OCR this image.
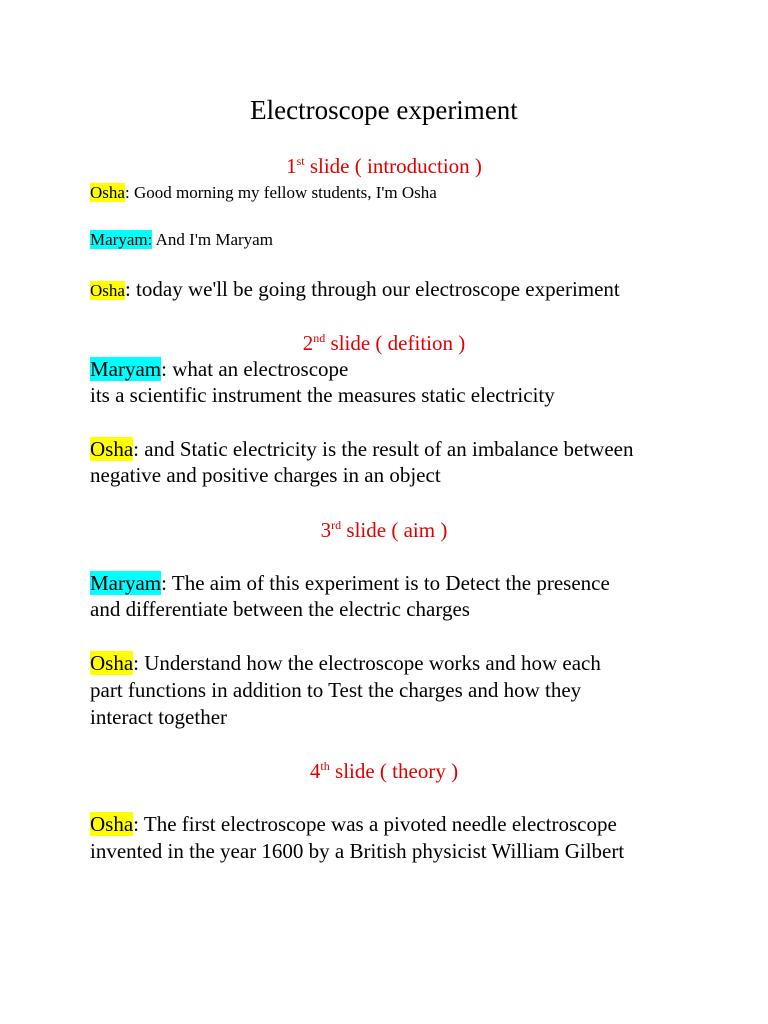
Electroscope experiment
1st slide ( introduction )
Osha: Good morning my fellow students, I'm Osha
Maryam: And I'm Maryam
Osha: today we'll be going through our electroscope experiment
2nd slide ( defition )
Maryam: what an electroscope
its a scientific instrument the measures static electricity
Osha: and Static electricity is the result of an imbalance between
negative and positive charges in an object
3rd slide ( aim )
Maryam: The aim of this experiment is to Detect the presence
and differentiate between the electric charges
Osha: Understand how the electroscope works and how each
part functions in addition to Test the charges and how they
interact together
4th slide ( theory )
Osha: The first electroscope was a pivoted needle electroscope
invented in the year 1600 by a British physicist William Gilbert
